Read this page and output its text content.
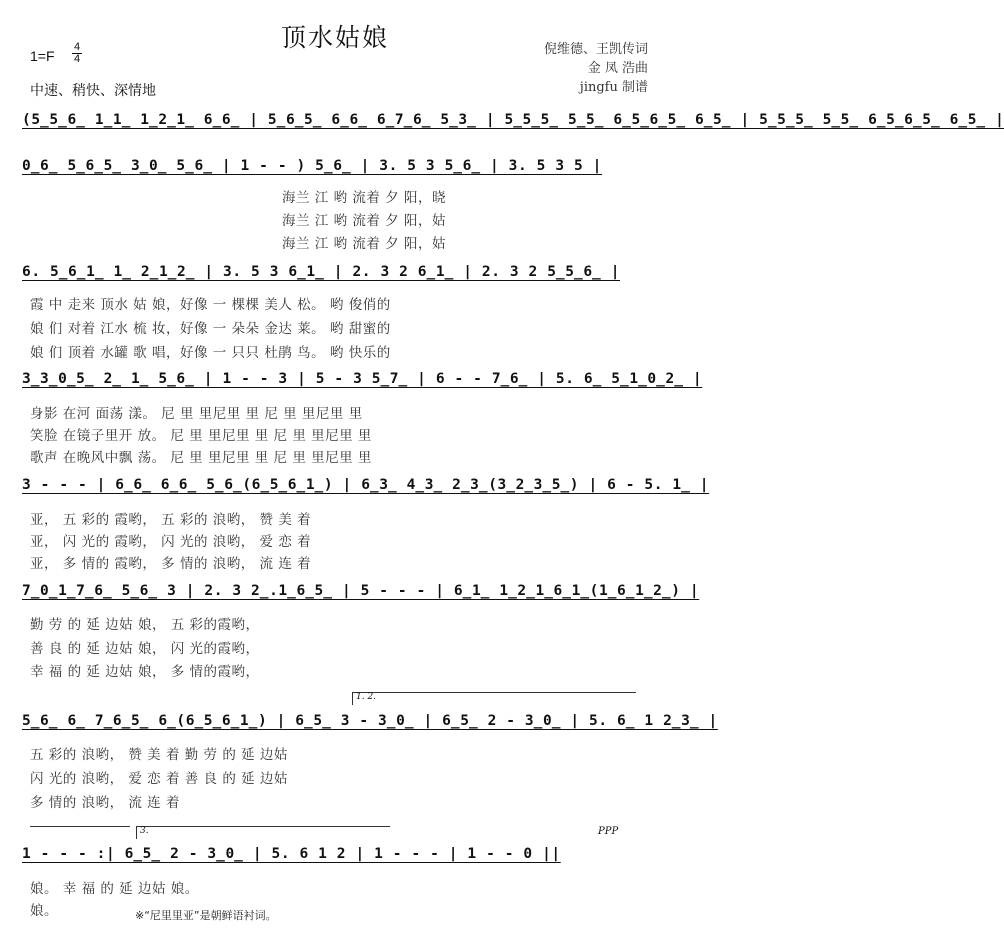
顶水姑娘
1=F
4
4
中速、稍快、深情地
倪维德、王凯传词
金 凤 浩曲
jingfu 制谱
(5̲5̲6̲ 1̲1̲ 1̲2̲1̲ 6̲6̲ | 5̲6̲5̲ 6̲6̲ 6̲7̲6̲ 5̲3̲ | 5̲5̲5̲ 5̲5̲ 6̲5̲6̲5̲ 6̲5̲ | 5̲5̲5̲ 5̲5̲ 6̲5̲6̲5̲ 6̲5̲ |
0̲6̲ 5̲6̲5̲ 3̲0̲ 5̲6̲ | 1 - - ) 5̲6̲ | 3. 5 3 5̲6̲ | 3. 5 3 5 |
海兰 江 哟 流着 夕 阳，晓
海兰 江 哟 流着 夕 阳，姑
海兰 江 哟 流着 夕 阳，姑
6. 5̲6̲1̲ 1̲ 2̲1̲2̲ | 3. 5 3 6̲1̲ | 2. 3 2 6̲1̲ | 2. 3 2 5̲5̲6̲ |
霞 中 走来 顶水 姑 娘，好像 一 棵棵 美人 松。 哟 俊俏的
娘 们 对着 江水 梳 妆，好像 一 朵朵 金达 莱。 哟 甜蜜的
娘 们 顶着 水罐 歌 唱，好像 一 只只 杜鹃 鸟。 哟 快乐的
3̲3̲0̲5̲ 2̲ 1̲ 5̲6̲ | 1 - - 3 | 5 - 3 5̲7̲ | 6 - - 7̲6̲ | 5. 6̲ 5̲1̲0̲2̲ |
身影 在河 面荡 漾。 尼 里 里尼里 里 尼 里 里尼里 里
笑脸 在镜子里开 放。 尼 里 里尼里 里 尼 里 里尼里 里
歌声 在晚风中飘 荡。 尼 里 里尼里 里 尼 里 里尼里 里
3 - - - | 6̲6̲ 6̲6̲ 5̲6̲(6̲5̲6̲1̲) | 6̲3̲ 4̲3̲ 2̲3̲(3̲2̲3̲5̲) | 6 - 5. 1̲ |
亚， 五 彩的 霞哟， 五 彩的 浪哟， 赞 美 着
亚， 闪 光的 霞哟， 闪 光的 浪哟， 爱 恋 着
亚， 多 情的 霞哟， 多 情的 浪哟， 流 连 着
7̲0̲1̲7̲6̲ 5̲6̲ 3 | 2. 3 2̲.1̲6̲5̲ | 5 - - - | 6̲1̲ 1̲2̲1̲6̲1̲(1̲6̲1̲2̲) |
勤 劳 的 延 边姑 娘， 五 彩的霞哟，
善 良 的 延 边姑 娘， 闪 光的霞哟，
幸 福 的 延 边姑 娘， 多 情的霞哟，
1. 2.
5̲6̲ 6̲ 7̲6̲5̲ 6̲(6̲5̲6̲1̲) | 6̲5̲ 3 - 3̲0̲ | 6̲5̲ 2 - 3̲0̲ | 5. 6̲ 1 2̲3̲ |
五 彩的 浪哟， 赞 美 着 勤 劳 的 延 边姑
闪 光的 浪哟， 爱 恋 着 善 良 的 延 边姑
多 情的 浪哟， 流 连 着
3.	PPP
1 - - - :| 6̲5̲ 2 - 3̲0̲ | 5. 6 1 2 | 1 - - - | 1 - - 0 ||
娘。 幸 福 的 延 边姑 娘。
娘。	※“尼里里亚”是朝鲜语衬词。
